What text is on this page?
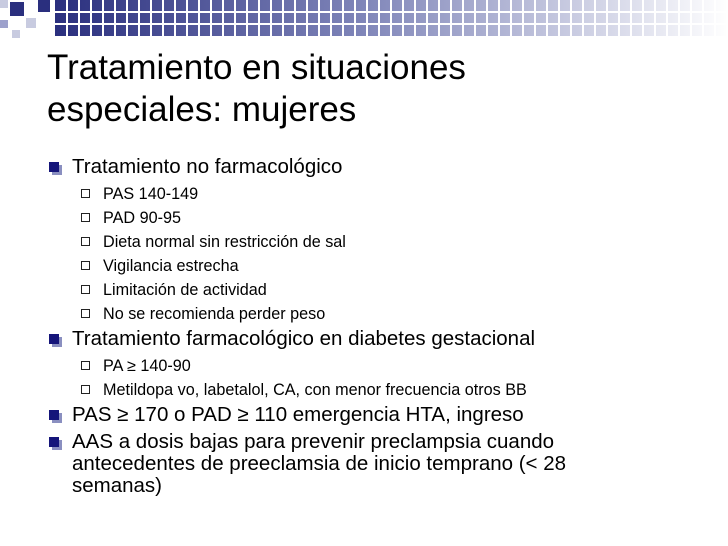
Tratamiento en situaciones
especiales: mujeres
Tratamiento no farmacológico
PAS 140-149
PAD 90-95
Dieta normal sin restricción de sal
Vigilancia estrecha
Limitación de actividad
No se recomienda perder peso
Tratamiento farmacológico en diabetes gestacional
PA ≥ 140-90
Metildopa vo, labetalol, CA, con menor frecuencia otros BB
PAS ≥ 170 o PAD ≥ 110 emergencia HTA, ingreso
AAS a dosis bajas para prevenir preclampsia cuando
antecedentes de preeclamsia de inicio temprano (< 28
semanas)
